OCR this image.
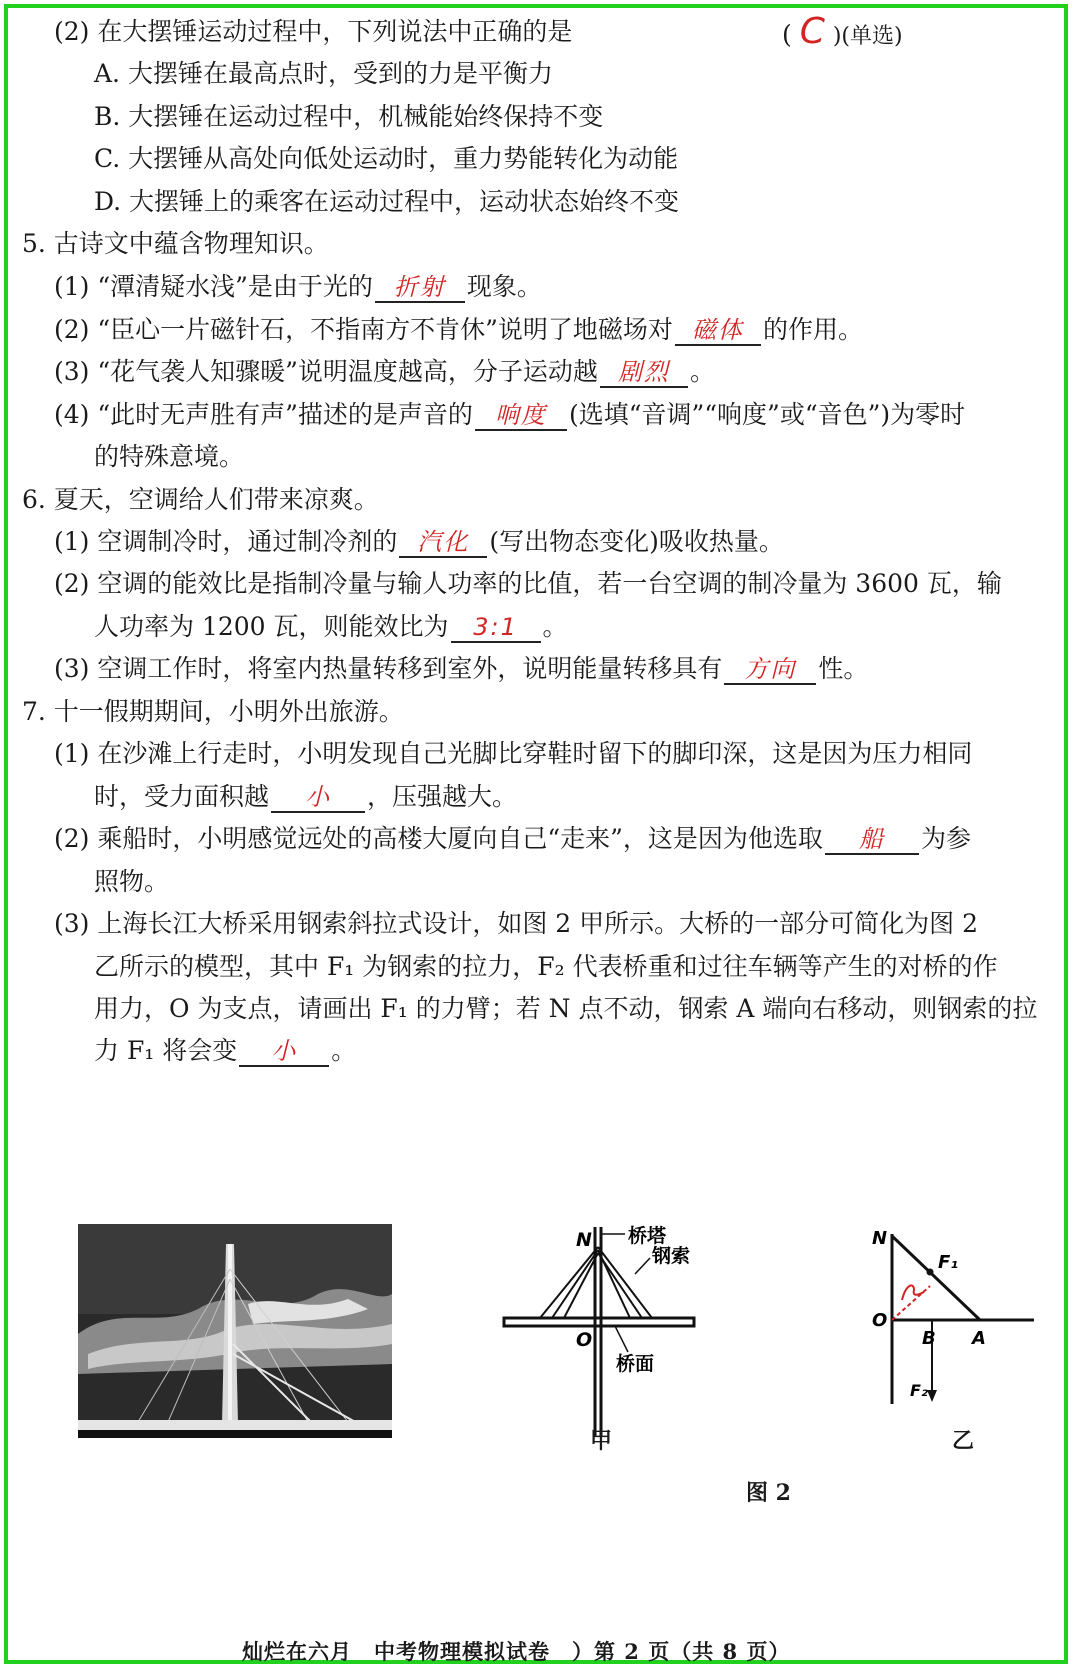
(2) 在大摆锤运动过程中，下列说法中正确的是	( C )(单选)
A. 大摆锤在最高点时，受到的力是平衡力
B. 大摆锤在运动过程中，机械能始终保持不变
C. 大摆锤从高处向低处运动时，重力势能转化为动能
D. 大摆锤上的乘客在运动过程中，运动状态始终不变
5. 古诗文中蕴含物理知识。
(1) “潭清疑水浅”是由于光的 折射 现象。
(2) “臣心一片磁针石，不指南方不肯休”说明了地磁场对 磁体 的作用。
(3) “花气袭人知骤暖”说明温度越高，分子运动越 剧烈 。
(4) “此时无声胜有声”描述的是声音的 响度 (选填“音调”“响度”或“音色”)为零时
的特殊意境。
6. 夏天，空调给人们带来凉爽。
(1) 空调制冷时，通过制冷剂的 汽化 (写出物态变化)吸收热量。
(2) 空调的能效比是指制冷量与输人功率的比值，若一台空调的制冷量为 3600 瓦，输
人功率为 1200 瓦，则能效比为 3:1 。
(3) 空调工作时，将室内热量转移到室外，说明能量转移具有 方向 性。
7. 十一假期期间，小明外出旅游。
(1) 在沙滩上行走时，小明发现自己光脚比穿鞋时留下的脚印深，这是因为压力相同
时，受力面积越 小 ，压强越大。
(2) 乘船时，小明感觉远处的高楼大厦向自己“走来”，这是因为他选取 船 为参
照物。
(3) 上海长江大桥采用钢索斜拉式设计，如图 2 甲所示。大桥的一部分可简化为图 2
乙所示的模型，其中 F₁ 为钢索的拉力，F₂ 代表桥重和过往车辆等产生的对桥的作
用力，O 为支点，请画出 F₁ 的力臂；若 N 点不动，钢索 A 端向右移动，则钢索的拉
力 F₁ 将会变 小 。
N 桥塔
钢索
O
桥面
N
F₁
O
B A
F₂
甲	乙
图 2
灿烂在六月　中考物理模拟试卷　）第 2 页（共 8 页）
